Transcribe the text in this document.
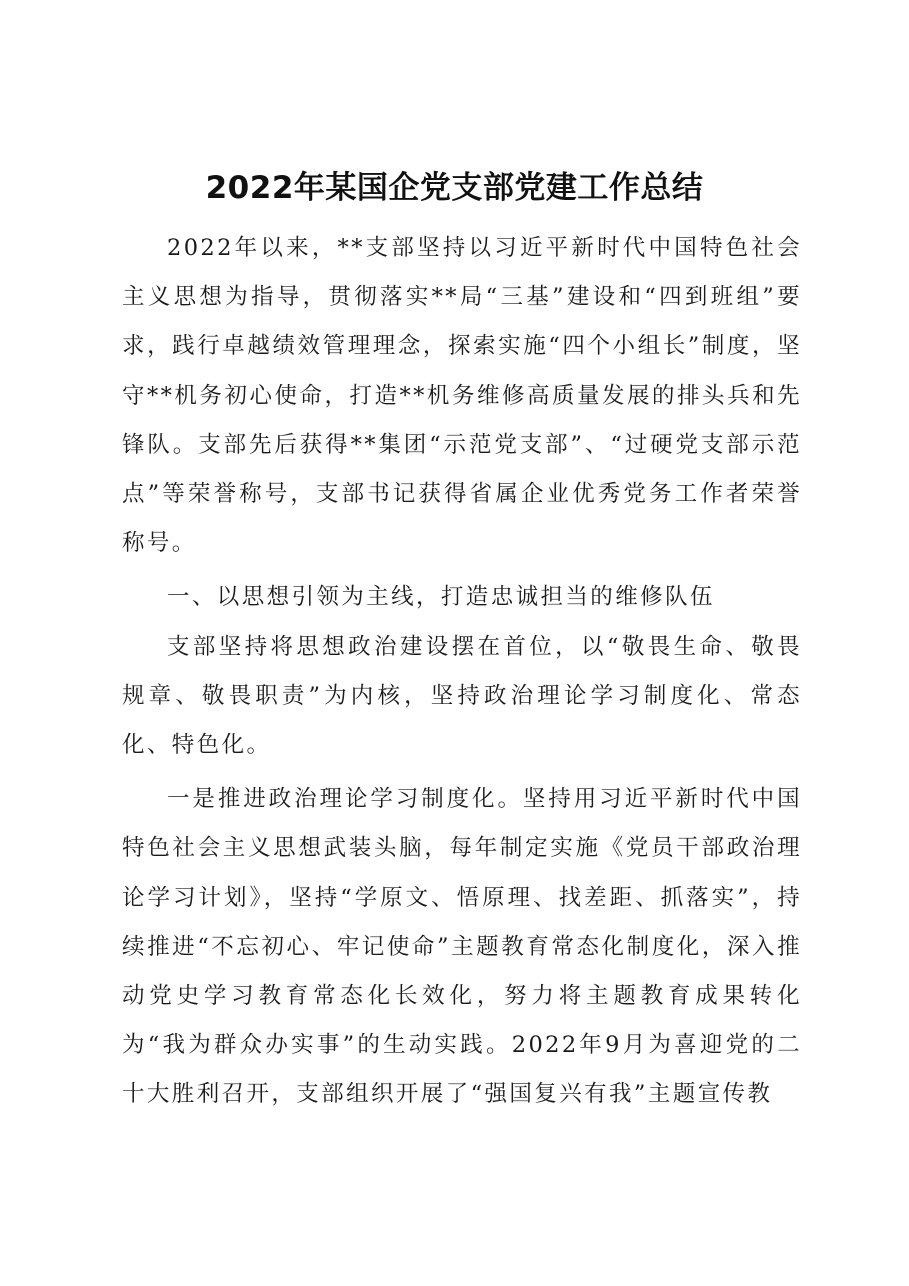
2022年某国企党支部党建工作总结

2022年以来，**支部坚持以习近平新时代中国特色社会主义思想为指导，贯彻落实**局“三基”建设和“四到班组”要求，践行卓越绩效管理理念，探索实施“四个小组长”制度，坚守**机务初心使命，打造**机务维修高质量发展的排头兵和先锋队。支部先后获得**集团“示范党支部”、“过硬党支部示范点”等荣誉称号，支部书记获得省属企业优秀党务工作者荣誉称号。

一、以思想引领为主线，打造忠诚担当的维修队伍

支部坚持将思想政治建设摆在首位，以“敬畏生命、敬畏规章、敬畏职责”为内核，坚持政治理论学习制度化、常态化、特色化。

一是推进政治理论学习制度化。坚持用习近平新时代中国特色社会主义思想武装头脑，每年制定实施《党员干部政治理论学习计划》，坚持“学原文、悟原理、找差距、抓落实”，持续推进“不忘初心、牢记使命”主题教育常态化制度化，深入推动党史学习教育常态化长效化，努力将主题教育成果转化为“我为群众办实事”的生动实践。2022年9月为喜迎党的二十大胜利召开，支部组织开展了“强国复兴有我”主题宣传教
